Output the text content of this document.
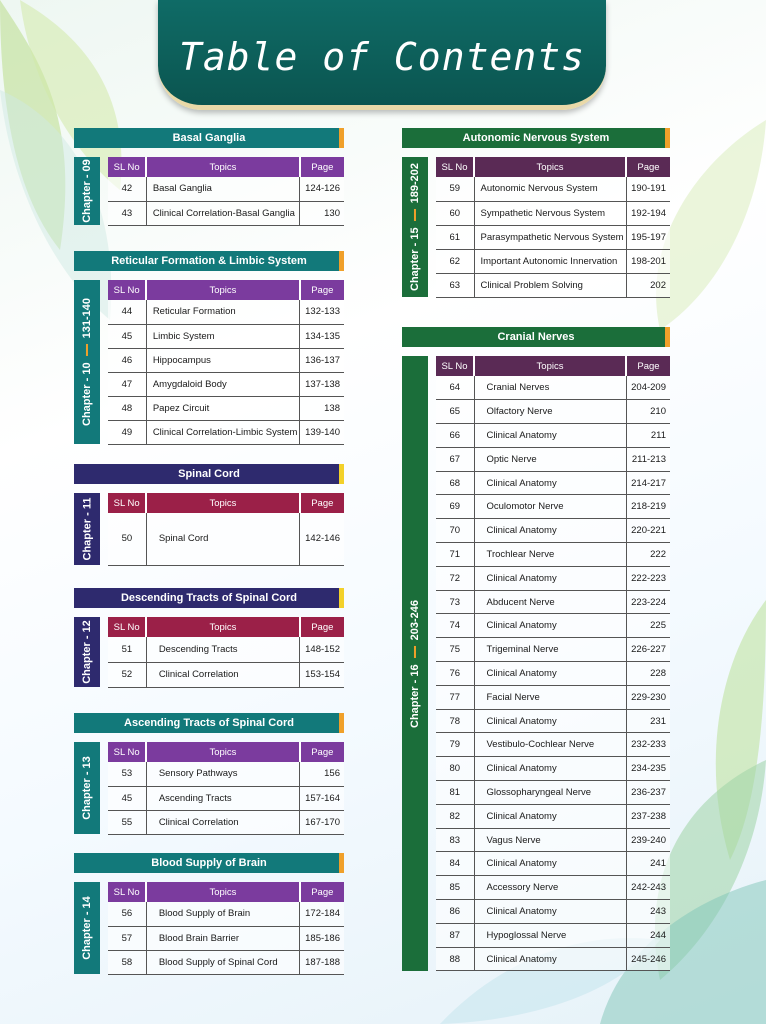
Table of Contents
Basal Ganglia
Chapter - 09 SL No	Topics	Page
42	Basal Ganglia	124-126
43	Clinical Correlation-Basal Ganglia	130
Reticular Formation & Limbic System
Chapter - 10
131-140
SL No	Topics	Page
44	Reticular Formation	132-133
45	Limbic System	134-135
46	Hippocampus	136-137
47	Amygdaloid Body	137-138
48	Papez Circuit	138
49	Clinical Correlation-Limbic System	139-140
Spinal Cord
Chapter - 11 SL No	Topics	Page
50	Spinal Cord	142-146
Descending Tracts of Spinal Cord
Chapter - 12 SL No	Topics	Page
51	Descending Tracts	148-152
52	Clinical Correlation	153-154
Ascending Tracts of Spinal Cord
Chapter - 13
SL No	Topics	Page
53	Sensory Pathways	156
45	Ascending Tracts	157-164
55	Clinical Correlation	167-170
Blood Supply of Brain
Chapter - 14
SL No	Topics	Page
56	Blood Supply of Brain	172-184
57	Blood Brain Barrier	185-186
58	Blood Supply of Spinal Cord	187-188
Autonomic Nervous System
Chapter - 15
189-202 SL No	Topics	Page
59	Autonomic Nervous System	190-191
60	Sympathetic Nervous System	192-194
61	Parasympathetic Nervous System	195-197
62	Important Autonomic Innervation	198-201
63	Clinical Problem Solving	202
Cranial Nerves
Chapter - 16
203-246
SL No	Topics	Page
64	Cranial Nerves	204-209
65	Olfactory Nerve	210
66	Clinical Anatomy	211
67	Optic Nerve	211-213
68	Clinical Anatomy	214-217
69	Oculomotor Nerve	218-219
70	Clinical Anatomy	220-221
71	Trochlear Nerve	222
72	Clinical Anatomy	222-223
73	Abducent Nerve	223-224
74	Clinical Anatomy	225
75	Trigeminal Nerve	226-227
76	Clinical Anatomy	228
77	Facial Nerve	229-230
78	Clinical Anatomy	231
79	Vestibulo-Cochlear Nerve	232-233
80	Clinical Anatomy	234-235
81	Glossopharyngeal Nerve	236-237
82	Clinical Anatomy	237-238
83	Vagus Nerve	239-240
84	Clinical Anatomy	241
85	Accessory Nerve	242-243
86	Clinical Anatomy	243
87	Hypoglossal Nerve	244
88	Clinical Anatomy	245-246
